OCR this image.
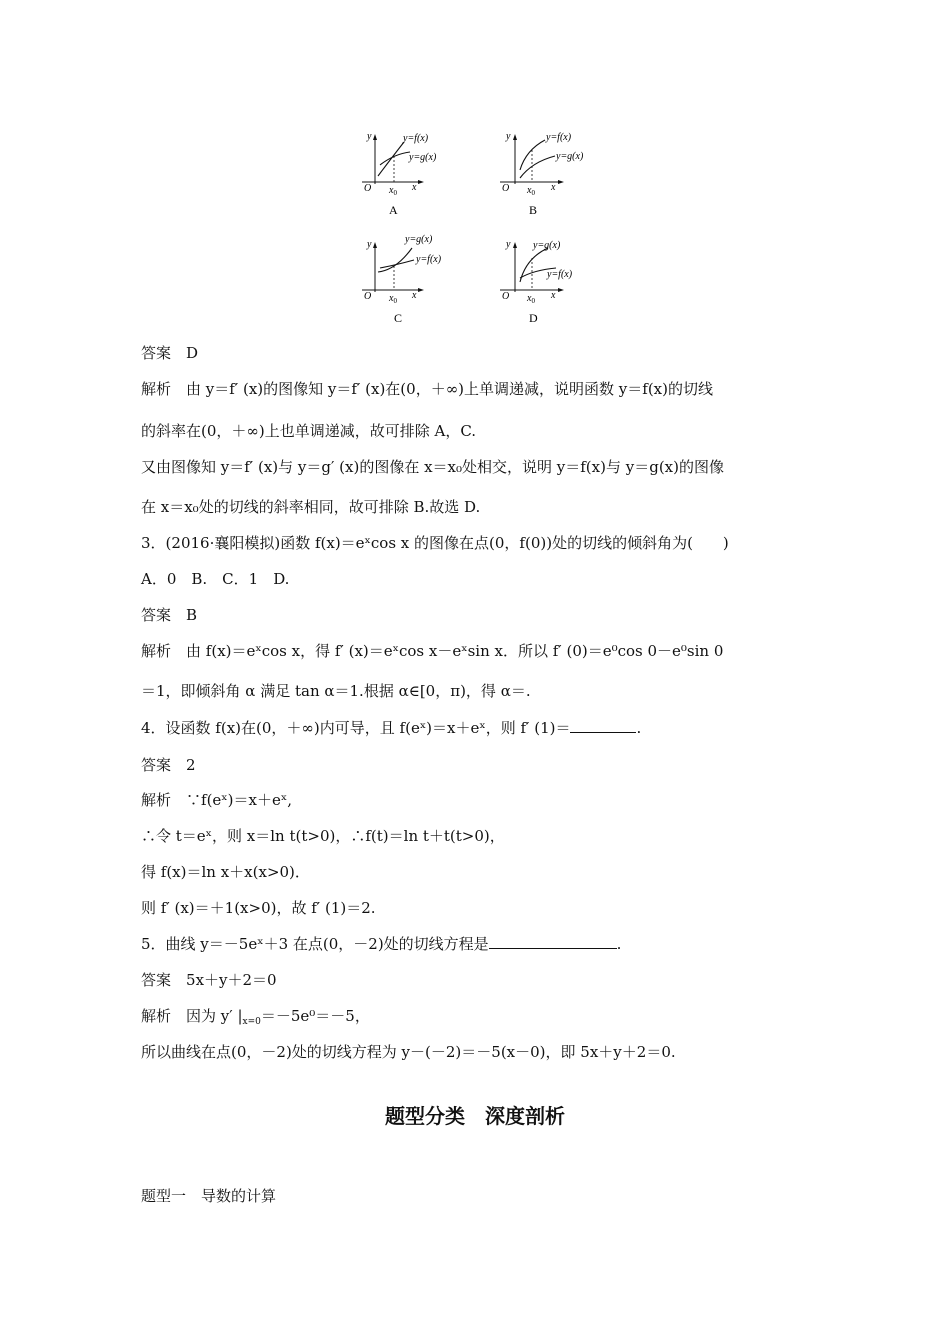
y
x
O $x_0$
y=f(x)
y=g(x)
A
y
x
O $x_0$
y=f(x)
y=g(x)
B
y
x
O $x_0$
y=g(x)
y=f(x)
C
y
x
O $x_0$
y=g(x)
y=f(x)
D
答案　 D
解析　 由 y＝f′ (x)的图像知 y＝f′ (x)在(0，＋∞)上单调递减，说明函数 y＝f(x)的切线
的斜率在(0，＋∞)上也单调递减，故可排除 A，C.
又由图像知 y＝f′ (x)与 y＝g′ (x)的图像在 x＝x₀处相交，说明 y＝f(x)与 y＝g(x)的图像
在 x＝x₀处的切线的斜率相同，故可排除 B.故选 D.
3．(2016·襄阳模拟)函数 f(x)＝eˣcos x 的图像在点(0，f(0))处的切线的倾斜角为(　　)
A．0　B.　C．1　D.
答案　 B
解析　 由 f(x)＝eˣcos x，得 f′ (x)＝eˣcos x－eˣsin x．所以 f′ (0)＝e⁰cos 0－e⁰sin 0
＝1，即倾斜角 α 满足 tan α＝1.根据 α∈[0，π)，得 α＝.
4．设函数 f(x)在(0，＋∞)内可导，且 f(eˣ)＝x＋eˣ，则 f′ (1)＝	.
答案　 2
解析　 ∵f(eˣ)＝x＋eˣ,
∴令 t＝eˣ，则 x＝ln t(t>0)，∴f(t)＝ln t＋t(t>0)，
得 f(x)＝ln x＋x(x>0)．
则 f′ (x)＝＋1(x>0)，故 f′ (1)＝2.
5．曲线 y＝－5eˣ＋3 在点(0，－2)处的切线方程是	.
答案　 5x＋y＋2＝0
解析　 因为 y′ $|_{x=0}=-5e^0=-5$，
所以曲线在点(0，－2)处的切线方程为 y－(－2)＝－5(x－0)，即 5x＋y＋2＝0.
题型分类　深度剖析
题型一　导数的计算
